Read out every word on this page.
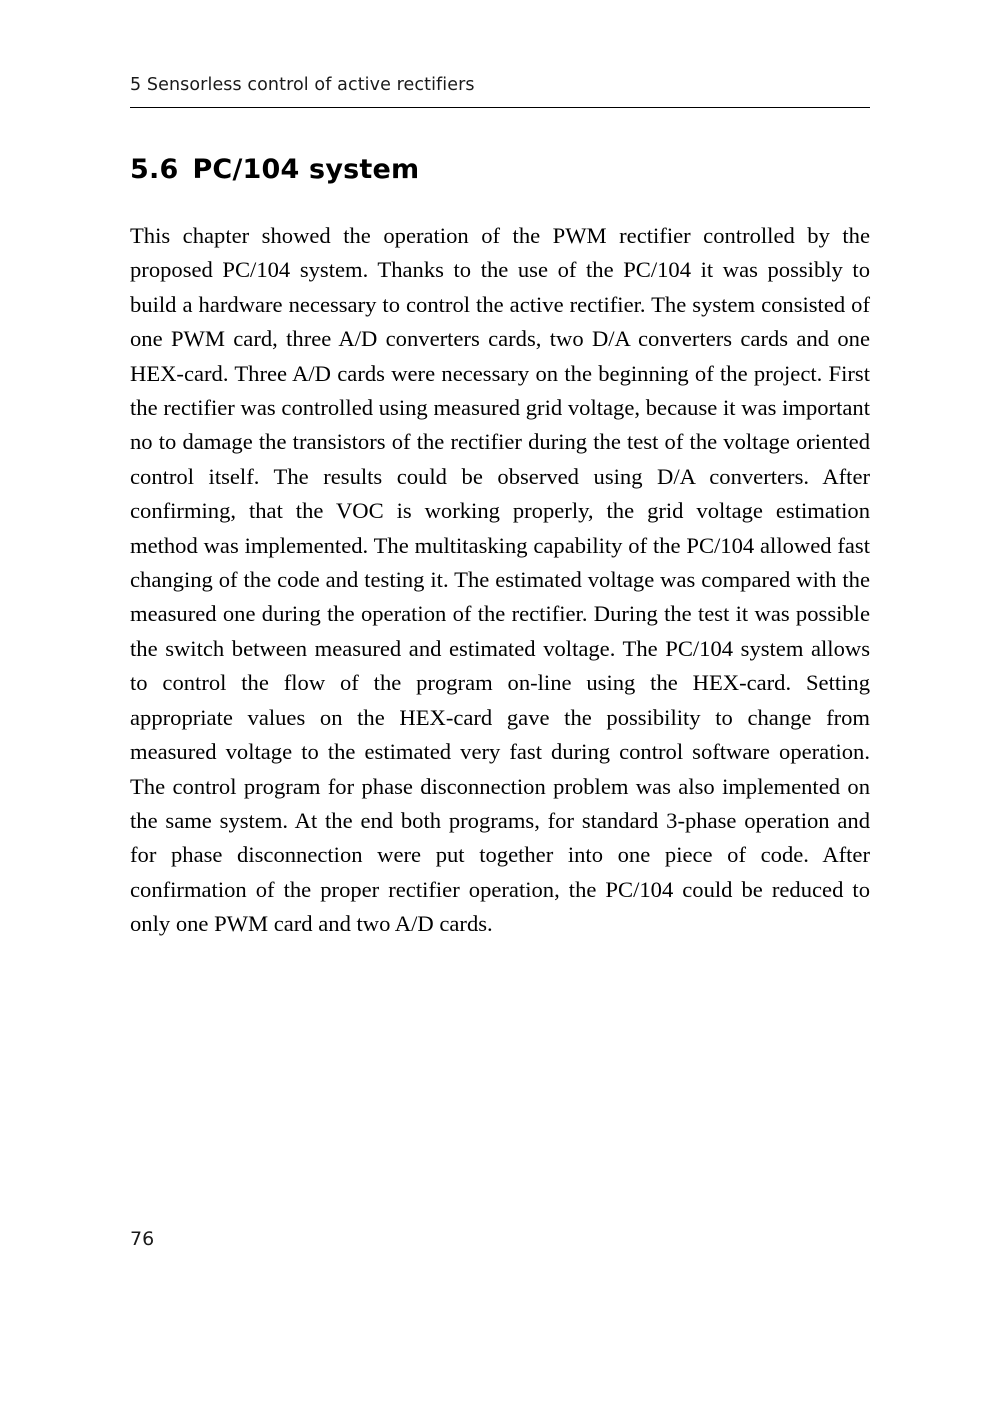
5 Sensorless control of active rectifiers
5.6 PC/104 system

This chapter showed the operation of the PWM rectifier controlled by the proposed PC/104 system. Thanks to the use of the PC/104 it was possibly to build a hardware necessary to control the active rectifier. The system consisted of one PWM card, three A/D converters cards, two D/A converters cards and one HEX-card. Three A/D cards were necessary on the beginning of the project. First the rectifier was controlled using measured grid voltage, because it was important no to damage the transistors of the rectifier during the test of the voltage oriented control itself. The results could be observed using D/A converters. After confirming, that the VOC is working properly, the grid voltage estimation method was implemented. The multitasking capability of the PC/104 allowed fast changing of the code and testing it. The estimated voltage was compared with the measured one during the operation of the rectifier. During the test it was possible the switch between measured and estimated voltage. The PC/104 system allows to control the flow of the program on-line using the HEX-card. Setting appropriate values on the HEX-card gave the possibility to change from measured voltage to the estimated very fast during control software operation. The control program for phase disconnection problem was also implemented on the same system. At the end both programs, for standard 3-phase operation and for phase disconnection were put together into one piece of code. After confirmation of the proper rectifier operation, the PC/104 could be reduced to only one PWM card and two A/D cards.

76
